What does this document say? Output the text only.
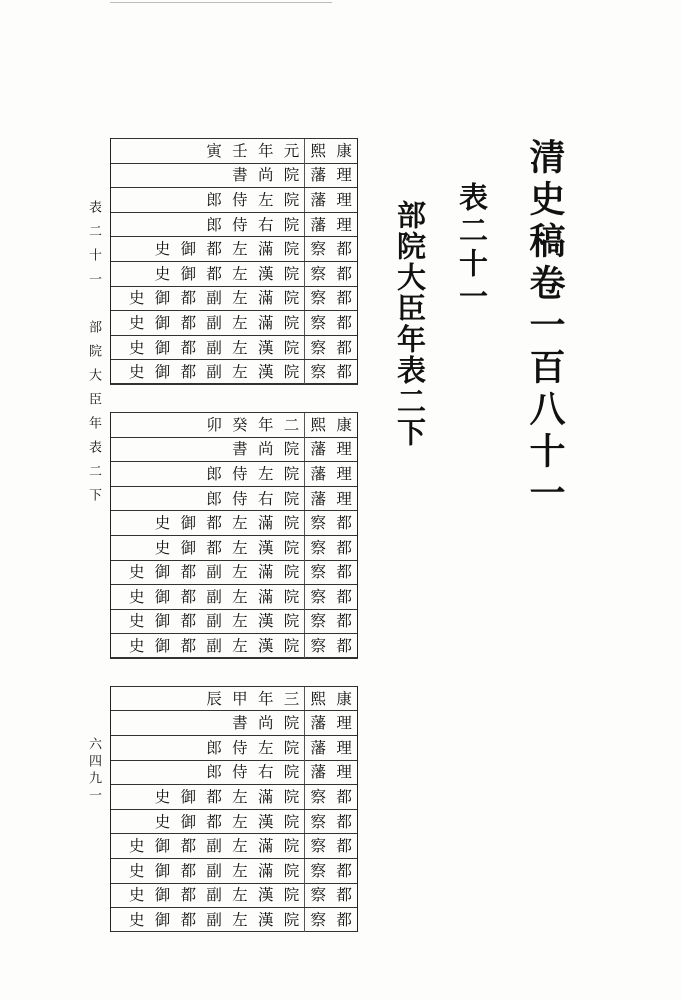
清史稿卷一百八十一
表二十一
部院大臣年表二下
表二十一　部院大臣年表二下
六四九一
康
熙
元
年
壬
寅
理
藩
院
尚
書
理
藩
院
左
侍
郎
理
藩
院
右
侍
郎
都
察
院
滿
左
都
御
史
都
察
院
漢
左
都
御
史
都
察
院
滿
左
副
都
御
史
都
察
院
滿
左
副
都
御
史
都
察
院
漢
左
副
都
御
史
都
察
院
漢
左
副
都
御
史
康
熙
二
年
癸
卯
理
藩
院
尚
書
理
藩
院
左
侍
郎
理
藩
院
右
侍
郎
都
察
院
滿
左
都
御
史
都
察
院
漢
左
都
御
史
都
察
院
滿
左
副
都
御
史
都
察
院
滿
左
副
都
御
史
都
察
院
漢
左
副
都
御
史
都
察
院
漢
左
副
都
御
史
康
熙
三
年
甲
辰
理
藩
院
尚
書
理
藩
院
左
侍
郎
理
藩
院
右
侍
郎
都
察
院
滿
左
都
御
史
都
察
院
漢
左
都
御
史
都
察
院
滿
左
副
都
御
史
都
察
院
滿
左
副
都
御
史
都
察
院
漢
左
副
都
御
史
都
察
院
漢
左
副
都
御
史
